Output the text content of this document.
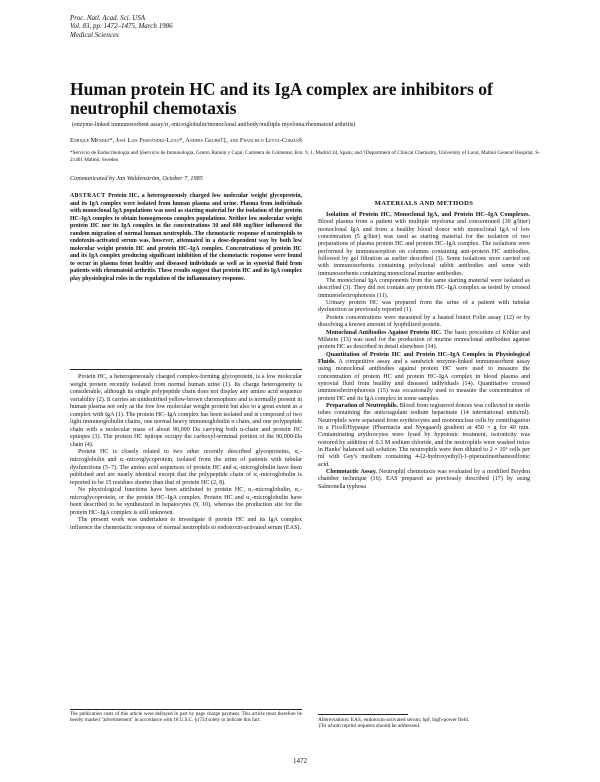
Proc. Natl. Acad. Sci. USA
Vol. 83, pp. 1472–1475, March 1986
Medical Sciences
Human protein HC and its IgA complex are inhibitors of
neutrophil chemotaxis
(enzyme-linked immunosorbent assay/α₁-microglobulin/monoclonal antibody/multiple myeloma/rheumatoid arthritis)
Enrique Méndez*, José Luis Fernández-Luna*, Anders Grubb†‡, and Francisco Leyva-Cobián§
*Servicio de Endocrinología and §Servicio de Inmunología, Centro Ramón y Cajal, Carretera de Colmenar, Km. 9, 1, Madrid 34, Spain; and †Department of Clinical Chemistry, University of Lund, Malmö General Hospital, S-21401 Malmö, Sweden
Communicated by Jan Waldenström, October 7, 1985
ABSTRACT Protein HC, a heterogeneously charged low molecular weight glycoprotein, and its IgA complex were isolated from human plasma and urine. Plasma from individuals with monoclonal IgA populations was used as starting material for the isolation of the protein HC–IgA complex to obtain homogeneous complex populations. Neither low molecular weight protein HC nor its IgA complex in the concentrations 30 and 600 mg/liter influenced the random migration of normal human neutrophils. The chemotactic response of neutrophils to endotoxin-activated serum was, however, attenuated in a dose-dependent way by both low molecular weight protein HC and protein HC–IgA complex. Concentrations of protein HC and its IgA complex producing significant inhibition of the chemotactic response were found to occur in plasma from healthy and diseased individuals as well as in synovial fluid from patients with rheumatoid arthritis. These results suggest that protein HC and its IgA complex play physiological roles in the regulation of the inflammatory response.

Protein HC, a heterogeneously charged complex-forming glycoprotein, is a low molecular weight protein recently isolated from normal human urine (1). Its charge heterogeneity is considerable, although its single polypeptide chain does not display any amino acid sequence variability (2). It carries an unidentified yellow-brown chromophore and is normally present in human plasma not only as the free low molecular weight protein but also to a great extent as a complex with IgA (1). The protein HC–IgA complex has been isolated and is composed of two light immunoglobulin chains, one normal heavy immunoglobulin α chain, and one polypeptide chain with a molecular mass of about 90,000 Da carrying both α-chain and protein HC epitopes (3). The protein HC epitope occupy the carboxyl-terminal portion of the 90,000-Da chain (4).

Protein HC is closely related to two other recently described glycoproteins, α₁-microglobulin and α₁-microglycoprotein, isolated from the urine of patients with tubular dysfunctions (5–7). The amino acid sequences of protein HC and α₁-microglobulin have been published and are nearly identical except that the polypeptide chain of α₁-microglobulin is reported to be 15 residues shorter than that of protein HC (2, 8).

No physiological functions have been attributed to protein HC, α₁-microglobulin, α₁-microglycoprotein, or the protein HC–IgA complex. Protein HC and α₁-microglobulin have been described to be synthesized in hepatocytes (9, 10), whereas the production site for the protein HC–IgA complex is still unknown.

The present work was undertaken to investigate if protein HC and its IgA complex influence the chemotactic response of normal neutrophils to endotoxin-activated serum (EAS).

The publication costs of this article were defrayed in part by page charge payment. This article must therefore be hereby marked "advertisement" in accordance with 18 U.S.C. §1734 solely to indicate this fact.
MATERIALS AND METHODS

Isolation of Protein HC, Monoclonal IgA, and Protein HC–IgA Complexes. Blood plasma from a patient with multiple myeloma and concentrated (30 g/liter) monoclonal IgA and from a healthy blood donor with monoclonal IgA of low concentration (5 g/liter) was used as starting material for the isolation of two preparations of plasma protein HC and protein HC–IgA complex. The isolations were performed by immunosorption on columns containing anti-protein HC antibodies, followed by gel filtration as earlier described (3). Some isolations were carried out with immunosorbents containing polyclonal rabbit antibodies and some with immunosorbents containing monoclonal murine antibodies.

The monoclonal IgA components from the same starting material were isolated as described (3). They did not contain any protein HC–IgA complex as tested by crossed immunoelectrophoresis (11).

Urinary protein HC was prepared from the urine of a patient with tubular dysfunction as previously reported (1).

Protein concentrations were measured by a heated biuret Folin assay (12) or by dissolving a known amount of lyophilized protein.

Monoclonal Antibodies Against Protein HC. The basic procedure of Köhler and Milstein (13) was used for the production of murine monoclonal antibodies against protein HC as described in detail elsewhere (14).

Quantitation of Protein HC and Protein HC–IgA Complex in Physiological Fluids. A competitive assay and a sandwich enzyme-linked immunosorbent assay using monoclonal antibodies against protein HC were used to measure the concentration of protein HC and protein HC–IgA complex in blood plasma and synovial fluid from healthy and diseased individuals (14). Quantitative crossed immunoelectrophoresis (15) was occasionally used to measure the concentration of protein HC and its IgA complex in some samples.

Preparation of Neutrophils. Blood from registered donors was collected in sterile tubes containing the anticoagulant sodium heparinate (14 international units/ml). Neutrophils were separated from erythrocytes and mononuclear cells by centrifugation in a Ficoll/Hypaque (Pharmacia and Nyegaard) gradient at 450 × g for 40 min. Contaminating erythrocytes were lysed by hypotonic treatment, isotonicity was restored by addition of 0.3 M sodium chloride, and the neutrophils were washed twice in Hanks' balanced salt solution. The neutrophils were then diluted to 2 × 10⁶ cells per ml with Gey's medium containing 4-(2-hydroxyethyl)-1-piperazineethanesulfonic acid.

Chemotactic Assay. Neutrophil chemotaxis was evaluated by a modified Boyden chamber technique (16). EAS prepared as previously described (17) by using Salmonella typhosa

Abbreviations: EAS, endotoxin-activated serum; hpf, high-power field.
‡To whom reprint requests should be addressed.
1472
